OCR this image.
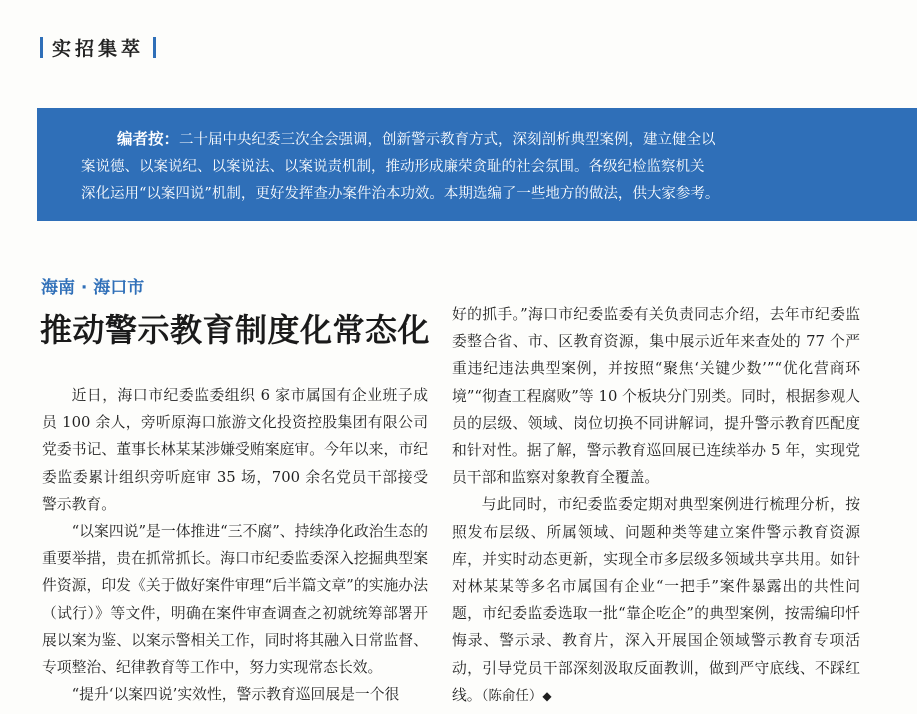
实招集萃

编者按：二十届中央纪委三次全会强调，创新警示教育方式，深刻剖析典型案例，建立健全以

案说德、以案说纪、以案说法、以案说责机制，推动形成廉荣贪耻的社会氛围。各级纪检监察机关

深化运用“以案四说”机制，更好发挥查办案件治本功效。本期选编了一些地方的做法，供大家参考。

海南 · 海口市
推动警示教育制度化常态化

近日，海口市纪委监委组织 6 家市属国有企业班子成员 100 余人，旁听原海口旅游文化投资控股集团有限公司党委书记、董事长林某某涉嫌受贿案庭审。今年以来，市纪委监委累计组织旁听庭审 35 场，700 余名党员干部接受警示教育。

“以案四说”是一体推进“三不腐”、持续净化政治生态的重要举措，贵在抓常抓长。海口市纪委监委深入挖掘典型案件资源，印发《关于做好案件审理“后半篇文章”的实施办法（试行）》等文件，明确在案件审查调查之初就统筹部署开展以案为鉴、以案示警相关工作，同时将其融入日常监督、专项整治、纪律教育等工作中，努力实现常态长效。

“提升‘以案四说’实效性，警示教育巡回展是一个很

好的抓手。”海口市纪委监委有关负责同志介绍，去年市纪委监委整合省、市、区教育资源，集中展示近年来查处的 77 个严重违纪违法典型案例，并按照“聚焦‘关键少数’”“优化营商环境”“彻查工程腐败”等 10 个板块分门别类。同时，根据参观人员的层级、领域、岗位切换不同讲解词，提升警示教育匹配度和针对性。据了解，警示教育巡回展已连续举办 5 年，实现党员干部和监察对象教育全覆盖。

与此同时，市纪委监委定期对典型案例进行梳理分析，按照发布层级、所属领域、问题种类等建立案件警示教育资源库，并实时动态更新，实现全市多层级多领域共享共用。如针对林某某等多名市属国有企业“一把手”案件暴露出的共性问题，市纪委监委选取一批“靠企吃企”的典型案例，按需编印忏悔录、警示录、教育片，深入开展国企领域警示教育专项活动，引导党员干部深刻汲取反面教训，做到严守底线、不踩红线。（陈俞任）◆
